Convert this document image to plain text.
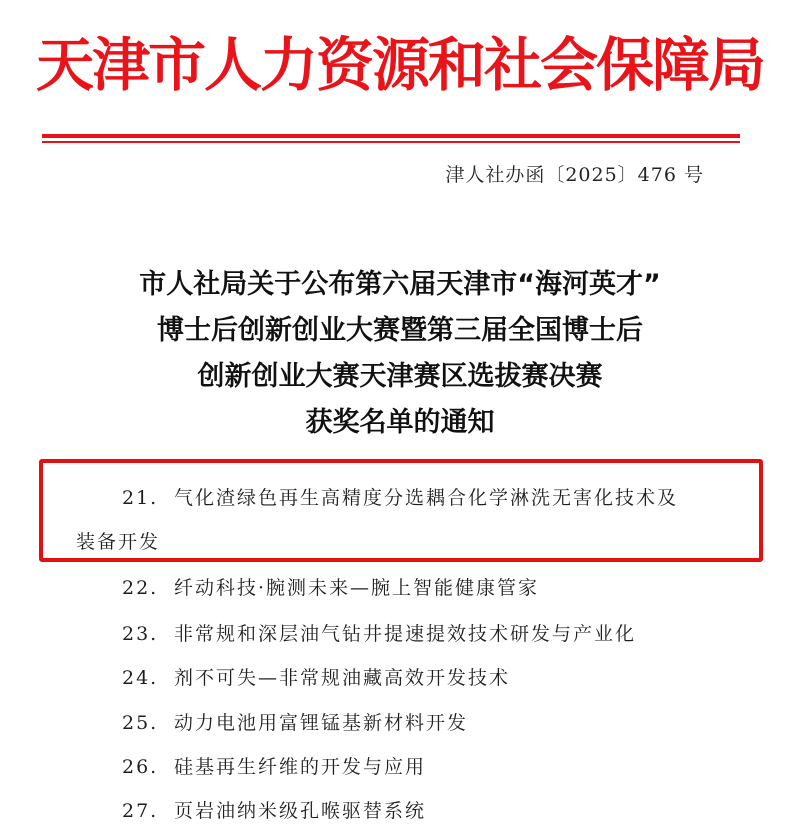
天津市人力资源和社会保障局
津人社办函〔2025〕476 号
市人社局关于公布第六届天津市“海河英才”
博士后创新创业大赛暨第三届全国博士后
创新创业大赛天津赛区选拔赛决赛
获奖名单的通知
21. 气化渣绿色再生高精度分选耦合化学淋洗无害化技术及
装备开发
22. 纤动科技·腕测未来—腕上智能健康管家
23. 非常规和深层油气钻井提速提效技术研发与产业化
24. 剂不可失—非常规油藏高效开发技术
25. 动力电池用富锂锰基新材料开发
26. 硅基再生纤维的开发与应用
27. 页岩油纳米级孔喉驱替系统
